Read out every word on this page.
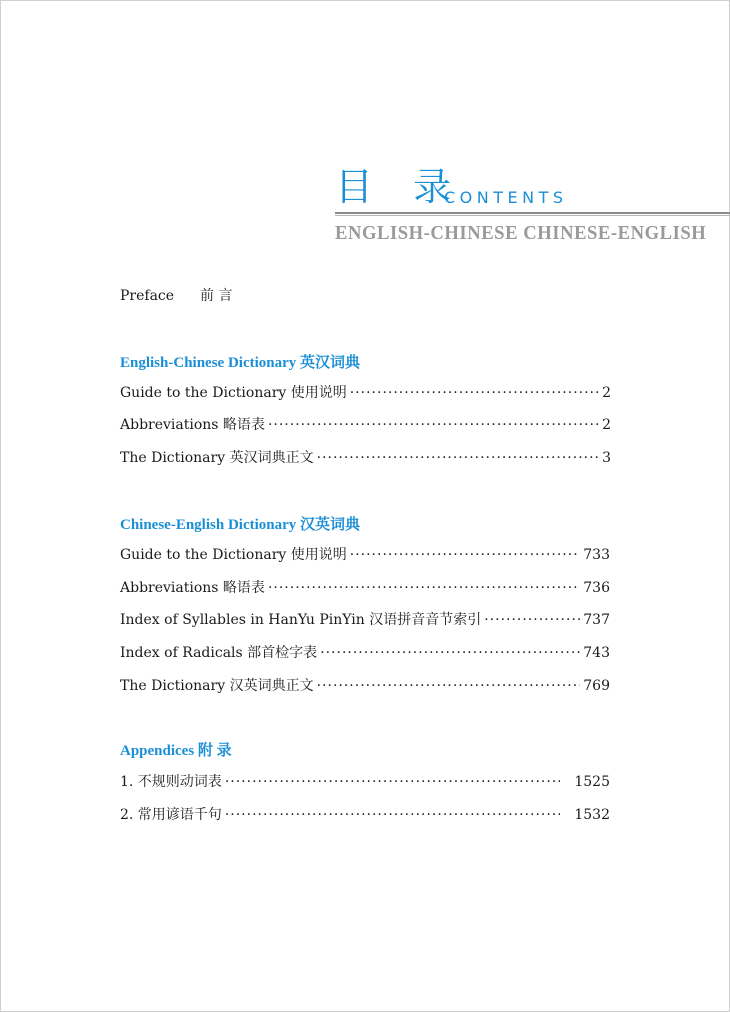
目 录
CONTENTS
ENGLISH-CHINESE CHINESE-ENGLISH
Preface 前 言
English-Chinese Dictionary 英汉词典
Guide to the Dictionary 使用说明 ·····	2
Abbreviations 略语表 ·····	2
The Dictionary 英汉词典正文 ·····	3
Chinese-English Dictionary 汉英词典
Guide to the Dictionary 使用说明 ·····	733
Abbreviations 略语表 ·····	736
Index of Syllables in HanYu PinYin 汉语拼音音节索引 ·····	737
Index of Radicals 部首检字表 ·····	743
The Dictionary 汉英词典正文 ·····	769
Appendices 附 录
1. 不规则动词表 ·····	1525
2. 常用谚语千句 ·····	1532
